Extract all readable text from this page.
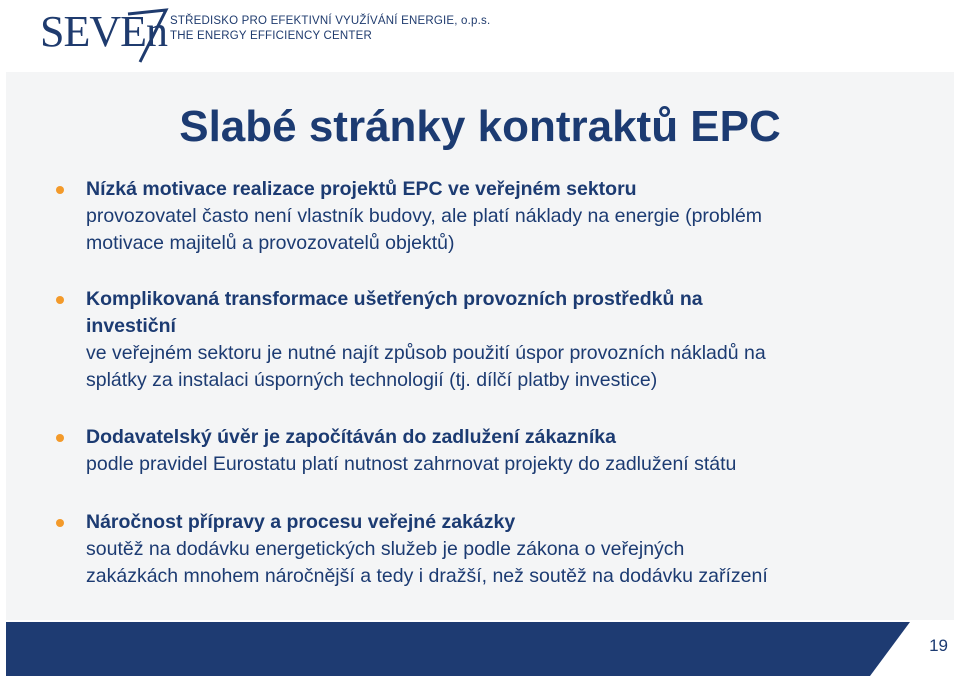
SEVEn STŘEDISKO PRO EFEKTIVNÍ VYUŽÍVÁNÍ ENERGIE, o.p.s.
THE ENERGY EFFICIENCY CENTER
Slabé stránky kontraktů EPC
Nízká motivace realizace projektů EPC ve veřejném sektoru
provozovatel často není vlastník budovy, ale platí náklady na energie (problém
motivace majitelů a provozovatelů objektů)
Komplikovaná transformace ušetřených provozních prostředků na
investiční
ve veřejném sektoru je nutné najít způsob použití úspor provozních nákladů na
splátky za instalaci úsporných technologií (tj. dílčí platby investice)
Dodavatelský úvěr je započítáván do zadlužení zákazníka
podle pravidel Eurostatu platí nutnost zahrnovat projekty do zadlužení státu
Náročnost přípravy a procesu veřejné zakázky
soutěž na dodávku energetických služeb je podle zákona o veřejných
zakázkách mnohem náročnější a tedy i dražší, než soutěž na dodávku zařízení
19
